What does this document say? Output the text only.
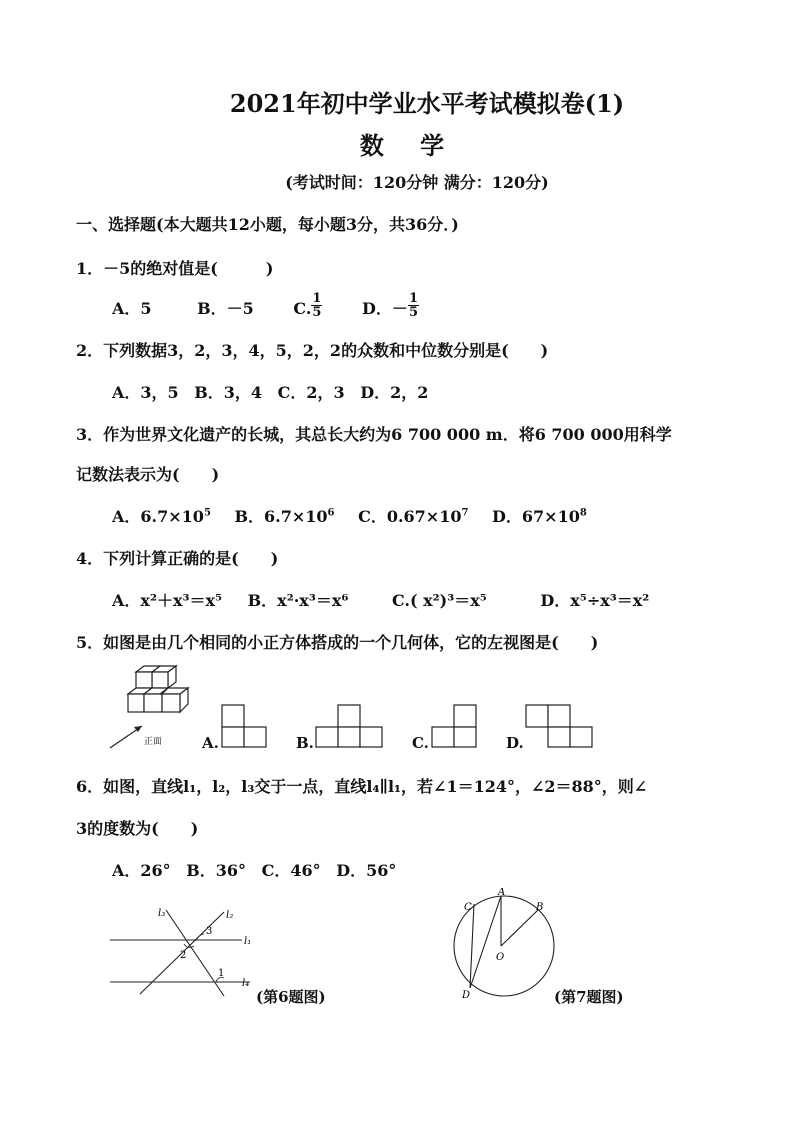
2021年初中学业水平考试模拟卷(1)
数 学
(考试时间：120分钟 满分：120分)
一、选择题(本大题共12小题，每小题3分，共36分．)
1．－5的绝对值是(　　　)
A．5	B．－5 C. $\frac{1}{5}$ D．－ $\frac{1}{5}$
2．下列数据3，2，3，4，5，2，2的众数和中位数分别是(　　)
A．3，5 B．3，4 C．2，3 D．2，2
3．作为世界文化遗产的长城，其总长大约为6 700 000 m．将6 700 000用科学
记数法表示为(　　)
A．$6.7\times 10^5$ B．$6.7\times 10^6$ C．$0.67\times 10^7$ D．$67\times 10^8$
4．下列计算正确的是(　　)
A．x²＋x³＝x⁵ B．x²·x³＝x⁶	C.( x²)³＝x⁵	D．x⁵÷x³＝x²
5．如图是由几个相同的小正方体搭成的一个几何体，它的左视图是(　　)
正面	A.	B.	C.	D.
6．如图，直线l₁，l₂，l₃交于一点，直线l₄∥l₁，若∠1＝124°，∠2＝88°，则∠
3的度数为(　　)
A．26° B．36° C．46° D．56°
l₃	l₂
l₁
l₄
3
2
1
(第6题图)
A
B
C
D
O
(第7题图)
